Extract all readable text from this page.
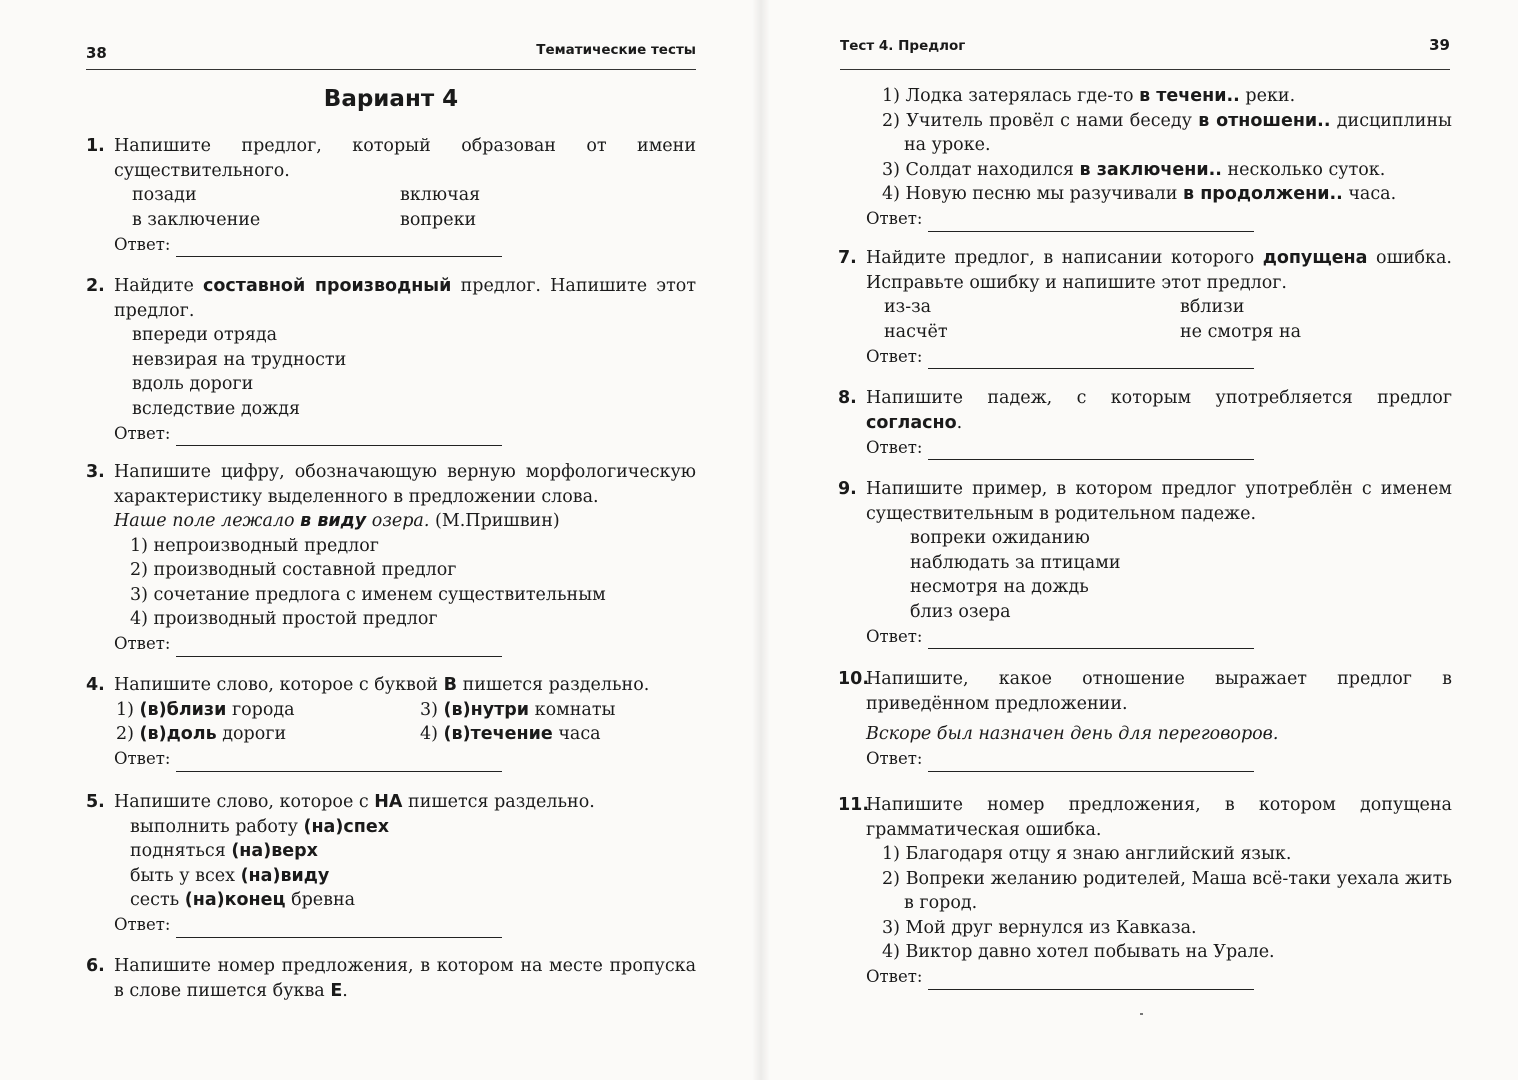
38	Тематические тесты
Вариант 4
1. Напишите предлог, который образован от имени существительного.
позади	включая
в заключение	вопреки
Ответ:
2. Найдите составной производный предлог. Напишите этот предлог.
впереди отряда
невзирая на трудности
вдоль дороги
вследствие дождя
Ответ:
3. Напишите цифру, обозначающую верную морфологическую характеристику выделенного в предложении слова.
Наше поле лежало в виду озера. (М.Пришвин)
1) непроизводный предлог
2) производный составной предлог
3) сочетание предлога с именем существительным
4) производный простой предлог
Ответ:
4. Напишите слово, которое с буквой В пишется раздельно.
1) (в)близи города	3) (в)нутри комнаты
2) (в)доль дороги	4) (в)течение часа
Ответ:
5. Напишите слово, которое с НА пишется раздельно.
выполнить работу (на)спех
подняться (на)верх
быть у всех (на)виду
сесть (на)конец бревна
Ответ:
6. Напишите номер предложения, в котором на месте пропуска в слове пишется буква Е.
Тест 4. Предлог	39
1) Лодка затерялась где-то в течени.. реки.
2) Учитель провёл с нами беседу в отношени.. дисциплины на уроке.
3) Солдат находился в заключени.. несколько суток.
4) Новую песню мы разучивали в продолжени.. часа.
Ответ:
7. Найдите предлог, в написании которого допущена ошибка. Исправьте ошибку и напишите этот предлог.
из-за	вблизи
насчёт	не смотря на
Ответ:
8. Напишите падеж, с которым употребляется предлог согласно.
Ответ:
9. Напишите пример, в котором предлог употреблён с именем существительным в родительном падеже.
вопреки ожиданию
наблюдать за птицами
несмотря на дождь
близ озера
Ответ:
10.Напишите, какое отношение выражает предлог в приведённом предложении.
Вскоре был назначен день для переговоров.
Ответ:
11.Напишите номер предложения, в котором допущена грамматическая ошибка.
1) Благодаря отцу я знаю английский язык.
2) Вопреки желанию родителей, Маша всё-таки уехала жить в город.
3) Мой друг вернулся из Кавказа.
4) Виктор давно хотел побывать на Урале.
Ответ:
